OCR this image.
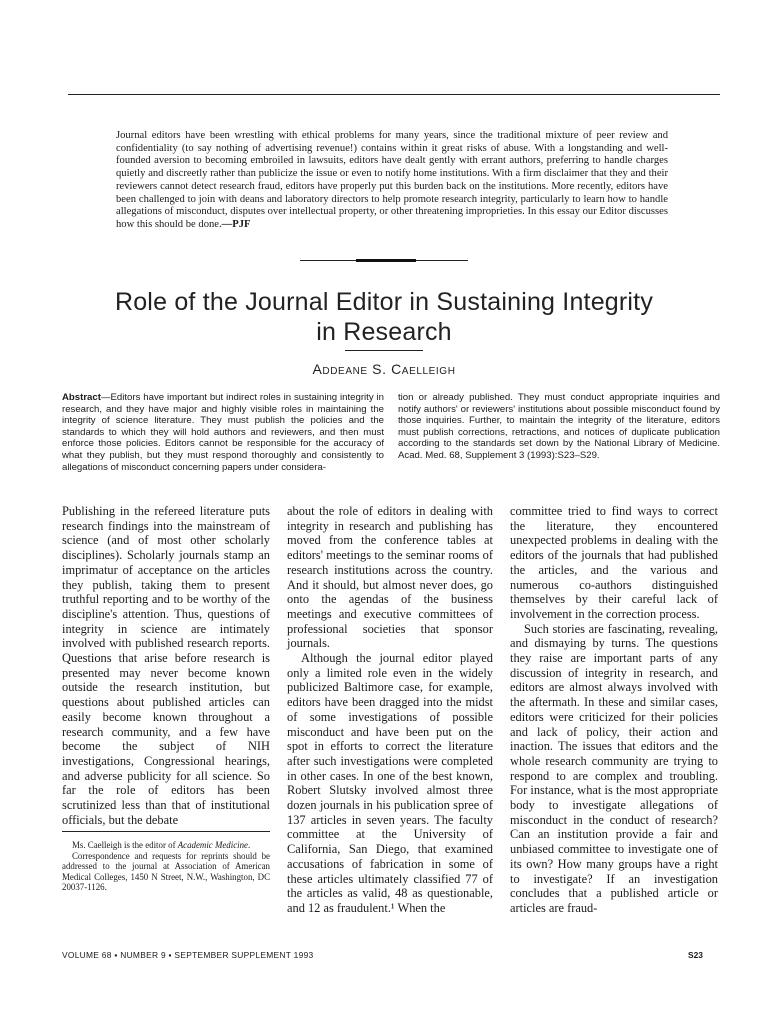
Journal editors have been wrestling with ethical problems for many years, since the traditional mixture of peer review and confidentiality (to say nothing of advertising revenue!) contains within it great risks of abuse. With a longstanding and well-founded aversion to becoming embroiled in lawsuits, editors have dealt gently with errant authors, preferring to handle charges quietly and discreetly rather than publicize the issue or even to notify home institutions. With a firm disclaimer that they and their reviewers cannot detect research fraud, editors have properly put this burden back on the institutions. More recently, editors have been challenged to join with deans and laboratory directors to help promote research integrity, particularly to learn how to handle allegations of misconduct, disputes over intellectual property, or other threatening improprieties. In this essay our Editor discusses how this should be done.—PJF
Role of the Journal Editor in Sustaining Integrity
in Research
Addeane S. Caelleigh
Abstract—Editors have important but indirect roles in sustaining integrity in research, and they have major and highly visible roles in maintaining the integrity of science literature. They must publish the policies and the standards to which they will hold authors and reviewers, and then must enforce those policies. Editors cannot be responsible for the accuracy of what they publish, but they must respond thoroughly and consistently to allegations of misconduct concerning papers under considera-
tion or already published. They must conduct appropriate inquiries and notify authors' or reviewers' institutions about possible misconduct found by those inquiries. Further, to maintain the integrity of the literature, editors must publish corrections, retractions, and notices of duplicate publication according to the standards set down by the National Library of Medicine. Acad. Med. 68, Supplement 3 (1993):S23–S29.

Publishing in the refereed literature puts research findings into the mainstream of science (and of most other scholarly disciplines). Scholarly journals stamp an imprimatur of acceptance on the articles they publish, taking them to present truthful reporting and to be worthy of the discipline's attention. Thus, questions of integrity in science are intimately involved with published research reports. Questions that arise before research is presented may never become known outside the research institution, but questions about published articles can easily become known throughout a research community, and a few have become the subject of NIH investigations, Congressional hearings, and adverse publicity for all science. So far the role of editors has been scrutinized less than that of institutional officials, but the debate

about the role of editors in dealing with integrity in research and publishing has moved from the conference tables at editors' meetings to the seminar rooms of research institutions across the country. And it should, but almost never does, go onto the agendas of the business meetings and executive committees of professional societies that sponsor journals.

Although the journal editor played only a limited role even in the widely publicized Baltimore case, for example, editors have been dragged into the midst of some investigations of possible misconduct and have been put on the spot in efforts to correct the literature after such investigations were completed in other cases. In one of the best known, Robert Slutsky involved almost three dozen journals in his publication spree of 137 articles in seven years. The faculty committee at the University of California, San Diego, that examined accusations of fabrication in some of these articles ultimately classified 77 of the articles as valid, 48 as questionable, and 12 as fraudulent.¹ When the

committee tried to find ways to correct the literature, they encountered unexpected problems in dealing with the editors of the journals that had published the articles, and the various and numerous co-authors distinguished themselves by their careful lack of involvement in the correction process.

Such stories are fascinating, revealing, and dismaying by turns. The questions they raise are important parts of any discussion of integrity in research, and editors are almost always involved with the aftermath. In these and similar cases, editors were criticized for their policies and lack of policy, their action and inaction. The issues that editors and the whole research community are trying to respond to are complex and troubling. For instance, what is the most appropriate body to investigate allegations of misconduct in the conduct of research? Can an institution provide a fair and unbiased committee to investigate one of its own? How many groups have a right to investigate? If an investigation concludes that a published article or articles are fraud-

Ms. Caelleigh is the editor of Academic Medicine.

Correspondence and requests for reprints should be addressed to the journal at Association of American Medical Colleges, 1450 N Street, N.W., Washington, DC 20037-1126.

VOLUME 68 ▪ NUMBER 9 ▪ SEPTEMBER SUPPLEMENT 1993	S23
